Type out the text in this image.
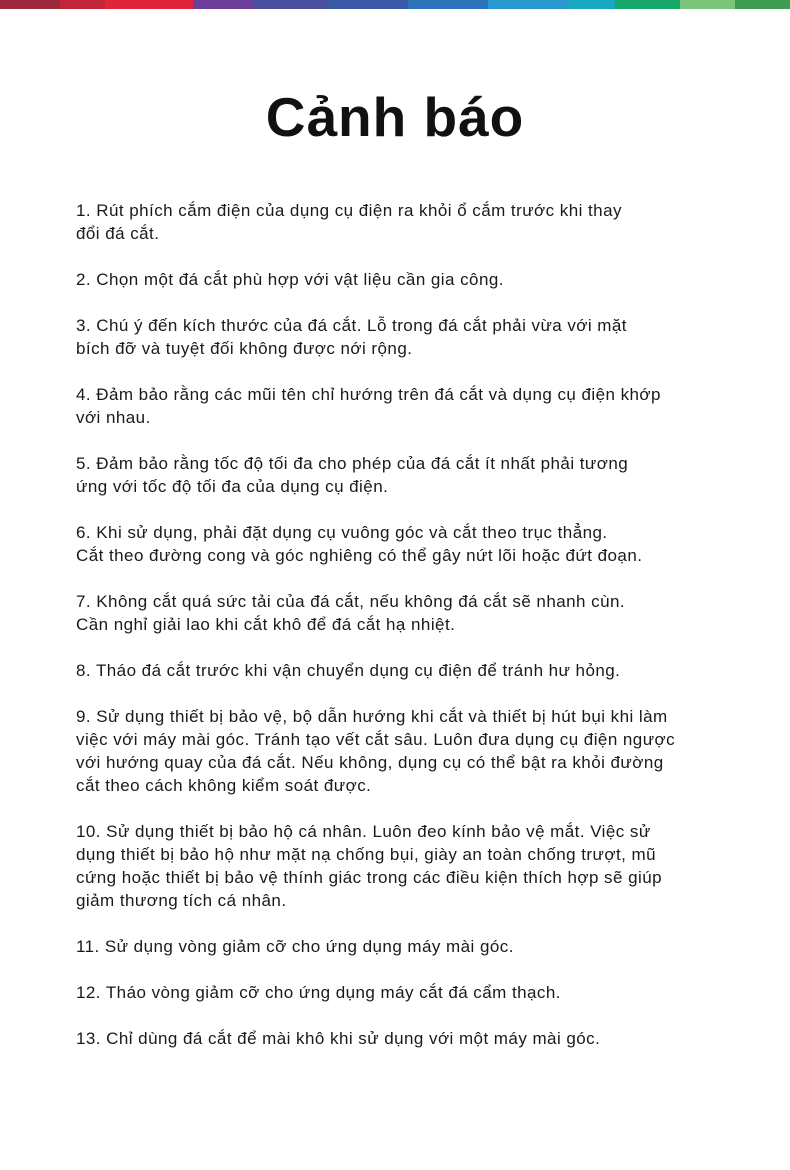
Cảnh báo
1. Rút phích cắm điện của dụng cụ điện ra khỏi ổ cắm trước khi thay
đổi đá cắt.
2. Chọn một đá cắt phù hợp với vật liệu cần gia công.
3. Chú ý đến kích thước của đá cắt. Lỗ trong đá cắt phải vừa với mặt
bích đỡ và tuyệt đối không được nới rộng.
4. Đảm bảo rằng các mũi tên chỉ hướng trên đá cắt và dụng cụ điện khớp
với nhau.
5. Đảm bảo rằng tốc độ tối đa cho phép của đá cắt ít nhất phải tương
ứng với tốc độ tối đa của dụng cụ điện.
6. Khi sử dụng, phải đặt dụng cụ vuông góc và cắt theo trục thẳng.
Cắt theo đường cong và góc nghiêng có thể gây nứt lõi hoặc đứt đoạn.
7. Không cắt quá sức tải của đá cắt, nếu không đá cắt sẽ nhanh cùn.
Cần nghỉ giải lao khi cắt khô để đá cắt hạ nhiệt.
8. Tháo đá cắt trước khi vận chuyển dụng cụ điện để tránh hư hỏng.
9. Sử dụng thiết bị bảo vệ, bộ dẫn hướng khi cắt và thiết bị hút bụi khi làm
việc với máy mài góc. Tránh tạo vết cắt sâu. Luôn đưa dụng cụ điện ngược
với hướng quay của đá cắt. Nếu không, dụng cụ có thể bật ra khỏi đường
cắt theo cách không kiểm soát được.
10. Sử dụng thiết bị bảo hộ cá nhân. Luôn đeo kính bảo vệ mắt. Việc sử
dụng thiết bị bảo hộ như mặt nạ chống bụi, giày an toàn chống trượt, mũ
cứng hoặc thiết bị bảo vệ thính giác trong các điều kiện thích hợp sẽ giúp
giảm thương tích cá nhân.
11. Sử dụng vòng giảm cỡ cho ứng dụng máy mài góc.
12. Tháo vòng giảm cỡ cho ứng dụng máy cắt đá cẩm thạch.
13. Chỉ dùng đá cắt để mài khô khi sử dụng với một máy mài góc.
